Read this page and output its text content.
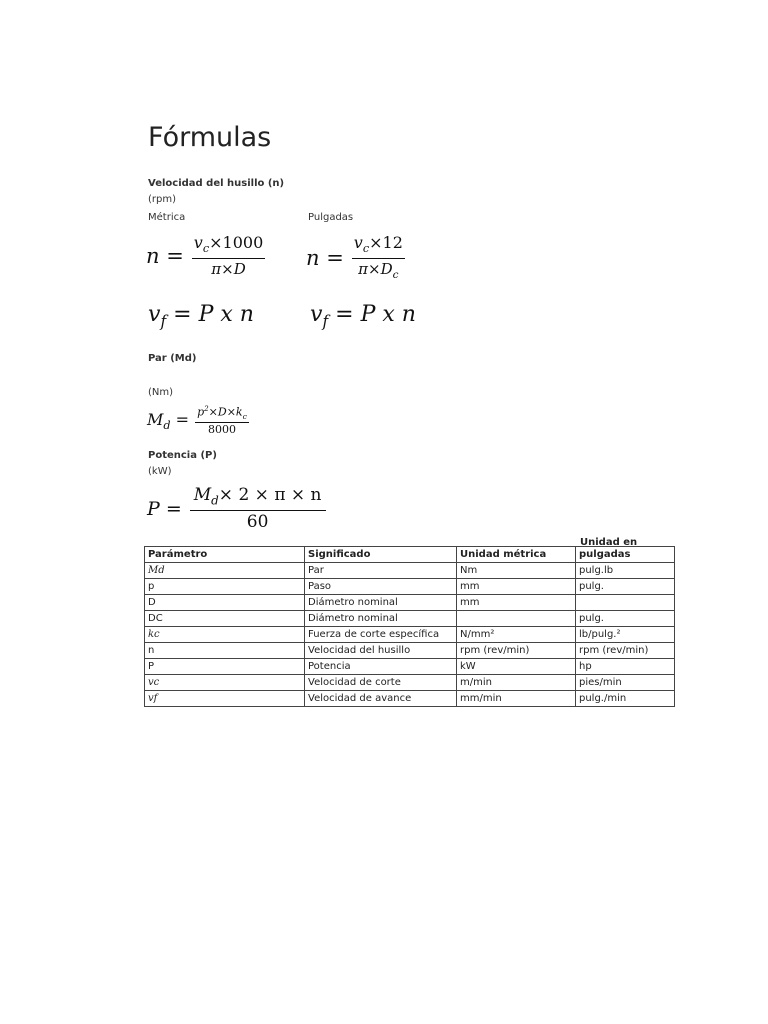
Fórmulas
Velocidad del husillo (n)
(rpm)
Métrica	Pulgadas
$n = \frac{v_c\times 1000}{\pi\times D}$ $n = \frac{v_c\times 12}{\pi\times D_c}$
$v_f = P$ x n	$v_f = P$ x n
Par (Md)
(Nm)
$M_d = \frac{p^2\times D\times k_c}{8000}$
Potencia (P)
(kW)
$P = \frac{M_d\times 2 \times \pi \times n}{60}$
Unidad en
Parámetro	Significado	Unidad métrica	pulgadas
Md	Par	Nm	pulg.lb
p	Paso	mm	pulg.
D	Diámetro nominal	mm	
DC	Diámetro nominal		pulg.
kc	Fuerza de corte específica	N/mm²	lb/pulg.²
n	Velocidad del husillo	rpm (rev/min)	rpm (rev/min)
P	Potencia	kW	hp
vc	Velocidad de corte	m/min	pies/min
vf	Velocidad de avance	mm/min	pulg./min
